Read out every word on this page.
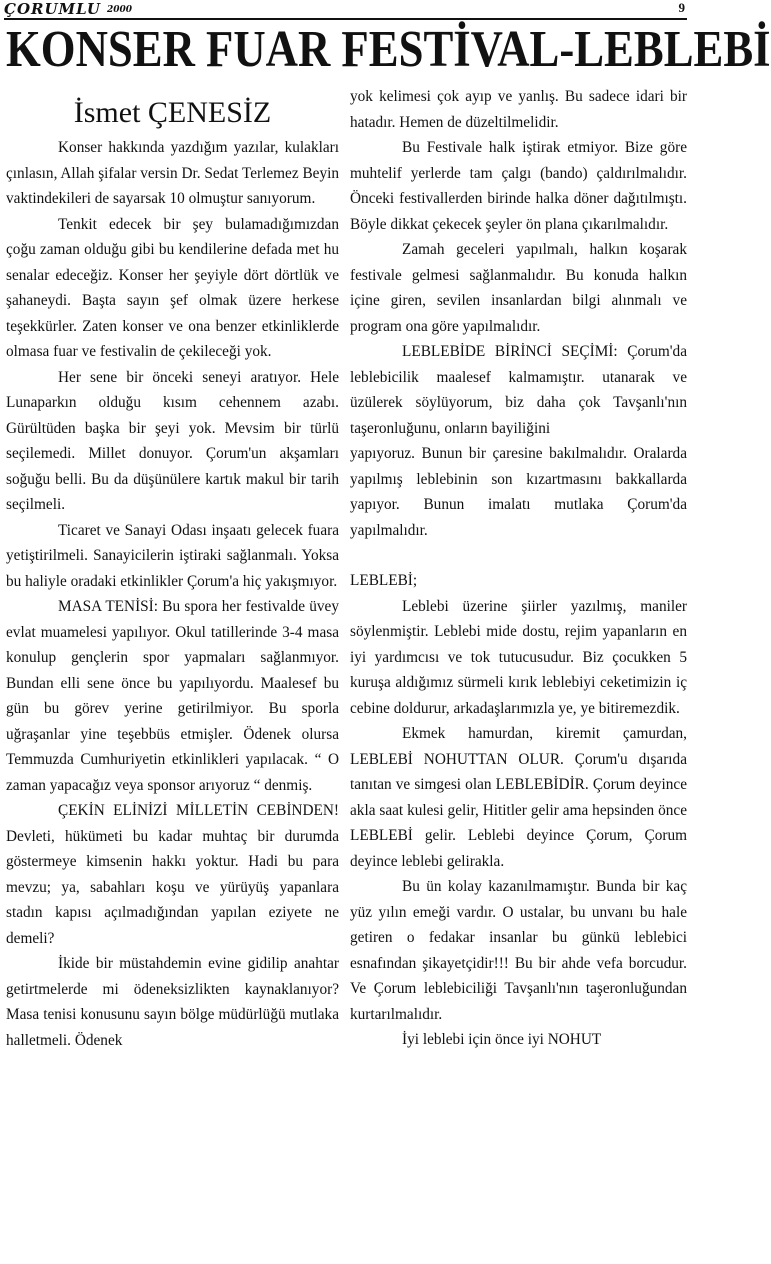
ÇORUMLU 2000	9
KONSER FUAR FESTİVAL-LEBLEBİ
İsmet ÇENESİZ

Konser hakkında yazdığım yazılar, kulakları çınlasın, Allah şifalar versin Dr. Sedat Terlemez Beyin vaktindekileri de sayarsak 10 olmuştur sanıyorum.

Tenkit edecek bir şey bulamadığımızdan çoğu zaman olduğu gibi bu kendilerine defada met hu senalar edeceğiz. Konser her şeyiyle dört dörtlük ve şahaneydi. Başta sayın şef olmak üzere herkese teşekkürler. Zaten konser ve ona benzer etkinliklerde olmasa fuar ve festivalin de çekileceği yok.

Her sene bir önceki seneyi aratıyor. Hele Lunaparkın olduğu kısım cehennem azabı. Gürültüden başka bir şeyi yok. Mevsim bir türlü seçilemedi. Millet donuyor. Çorum'un akşamları soğuğu belli. Bu da düşünülere kartık makul bir tarih seçilmeli.

Ticaret ve Sanayi Odası inşaatı gelecek fuara yetiştirilmeli. Sanayicilerin iştiraki sağlanmalı. Yoksa bu haliyle oradaki etkinlikler Çorum'a hiç yakışmıyor.

MASA TENİSİ: Bu spora her festivalde üvey evlat muamelesi yapılıyor. Okul tatillerinde 3-4 masa konulup gençlerin spor yapmaları sağlanmıyor. Bundan elli sene önce bu yapılıyordu. Maalesef bu gün bu görev yerine getirilmiyor. Bu sporla uğraşanlar yine teşebbüs etmişler. Ödenek olursa Temmuzda Cumhuriyetin etkinlikleri yapılacak. “ O zaman yapacağız veya sponsor arıyoruz “ denmiş.

ÇEKİN ELİNİZİ MİLLETİN CEBİNDEN! Devleti, hükümeti bu kadar muhtaç bir durumda göstermeye kimsenin hakkı yoktur. Hadi bu para mevzu; ya, sabahları koşu ve yürüyüş yapanlara stadın kapısı açılmadığından yapılan eziyete ne demeli?

İkide bir müstahdemin evine gidilip anahtar getirtmelerde mi ödeneksizlikten kaynaklanıyor? Masa tenisi konusunu sayın bölge müdürlüğü mutlaka halletmeli. Ödenek

yok kelimesi çok ayıp ve yanlış. Bu sadece idari bir hatadır. Hemen de düzeltilmelidir.

Bu Festivale halk iştirak etmiyor. Bize göre muhtelif yerlerde tam çalgı (bando) çaldırılmalıdır. Önceki festivallerden birinde halka döner dağıtılmıştı. Böyle dikkat çekecek şeyler ön plana çıkarılmalıdır.

Zamah geceleri yapılmalı, halkın koşarak festivale gelmesi sağlanmalıdır. Bu konuda halkın içine giren, sevilen insanlardan bilgi alınmalı ve program ona göre yapılmalıdır.

LEBLEBİDE BİRİNCİ SEÇİMİ: Çorum'da leblebicilik maalesef kalmamıştır. utanarak ve üzülerek söylüyorum, biz daha çok Tavşanlı'nın taşeronluğunu, onların bayiliğini

yapıyoruz. Bunun bir çaresine bakılmalıdır. Oralarda yapılmış leblebinin son kızartmasını bakkallarda yapıyor. Bunun imalatı mutlaka Çorum'da yapılmalıdır.

LEBLEBİ;

Leblebi üzerine şiirler yazılmış, maniler söylenmiştir. Leblebi mide dostu, rejim yapanların en iyi yardımcısı ve tok tutucusudur. Biz çocukken 5 kuruşa aldığımız sürmeli kırık leblebiyi ceketimizin iç cebine doldurur, arkadaşlarımızla ye, ye bitiremezdik.

Ekmek hamurdan, kiremit çamurdan, LEBLEBİ NOHUTTAN OLUR. Çorum'u dışarıda tanıtan ve simgesi olan LEBLEBİDİR. Çorum deyince akla saat kulesi gelir, Hititler gelir ama hepsinden önce LEBLEBİ gelir. Leblebi deyince Çorum, Çorum deyince leblebi gelirakla.

Bu ün kolay kazanılmamıştır. Bunda bir kaç yüz yılın emeği vardır. O ustalar, bu unvanı bu hale getiren o fedakar insanlar bu günkü leblebici esnafından şikayetçidir!!! Bu bir ahde vefa borcudur. Ve Çorum leblebiciliği Tavşanlı'nın taşeronluğundan kurtarılmalıdır.

İyi leblebi için önce iyi NOHUT
